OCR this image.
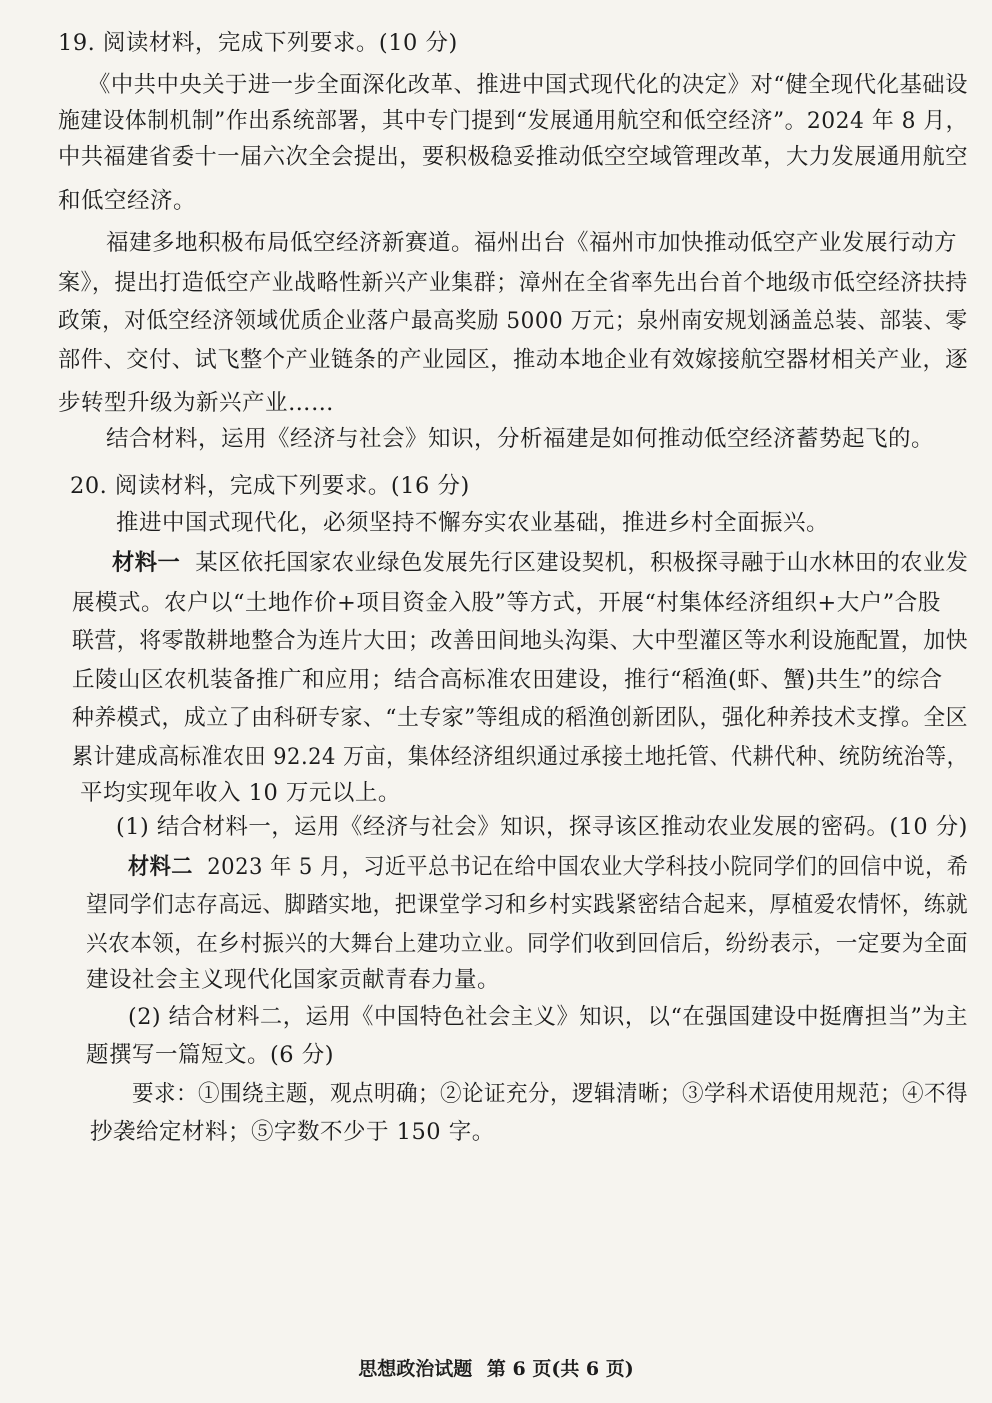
19. 阅读材料，完成下列要求。(10 分)
《中共中央关于进一步全面深化改革、推进中国式现代化的决定》对“健全现代化基础设
施建设体制机制”作出系统部署，其中专门提到“发展通用航空和低空经济”。2024 年 8 月，
中共福建省委十一届六次全会提出，要积极稳妥推动低空空域管理改革，大力发展通用航空
和低空经济。
福建多地积极布局低空经济新赛道。福州出台《福州市加快推动低空产业发展行动方
案》，提出打造低空产业战略性新兴产业集群；漳州在全省率先出台首个地级市低空经济扶持
政策，对低空经济领域优质企业落户最高奖励 5000 万元；泉州南安规划涵盖总装、部装、零
部件、交付、试飞整个产业链条的产业园区，推动本地企业有效嫁接航空器材相关产业，逐
步转型升级为新兴产业……
结合材料，运用《经济与社会》知识，分析福建是如何推动低空经济蓄势起飞的。
20. 阅读材料，完成下列要求。(16 分)
推进中国式现代化，必须坚持不懈夯实农业基础，推进乡村全面振兴。
材料一 某区依托国家农业绿色发展先行区建设契机，积极探寻融于山水林田的农业发
展模式。农户以“土地作价+项目资金入股”等方式，开展“村集体经济组织+大户”合股
联营，将零散耕地整合为连片大田；改善田间地头沟渠、大中型灌区等水利设施配置，加快
丘陵山区农机装备推广和应用；结合高标准农田建设，推行“稻渔(虾、蟹)共生”的综合
种养模式，成立了由科研专家、“土专家”等组成的稻渔创新团队，强化种养技术支撑。全区
累计建成高标准农田 92.24 万亩，集体经济组织通过承接土地托管、代耕代种、统防统治等，
平均实现年收入 10 万元以上。
(1) 结合材料一，运用《经济与社会》知识，探寻该区推动农业发展的密码。(10 分)
材料二 2023 年 5 月，习近平总书记在给中国农业大学科技小院同学们的回信中说，希
望同学们志存高远、脚踏实地，把课堂学习和乡村实践紧密结合起来，厚植爱农情怀，练就
兴农本领，在乡村振兴的大舞台上建功立业。同学们收到回信后，纷纷表示，一定要为全面
建设社会主义现代化国家贡献青春力量。
(2) 结合材料二，运用《中国特色社会主义》知识，以“在强国建设中挺膺担当”为主
题撰写一篇短文。(6 分)
要求：①围绕主题，观点明确；②论证充分，逻辑清晰；③学科术语使用规范；④不得
抄袭给定材料；⑤字数不少于 150 字。
思想政治试题 第 6 页(共 6 页)
